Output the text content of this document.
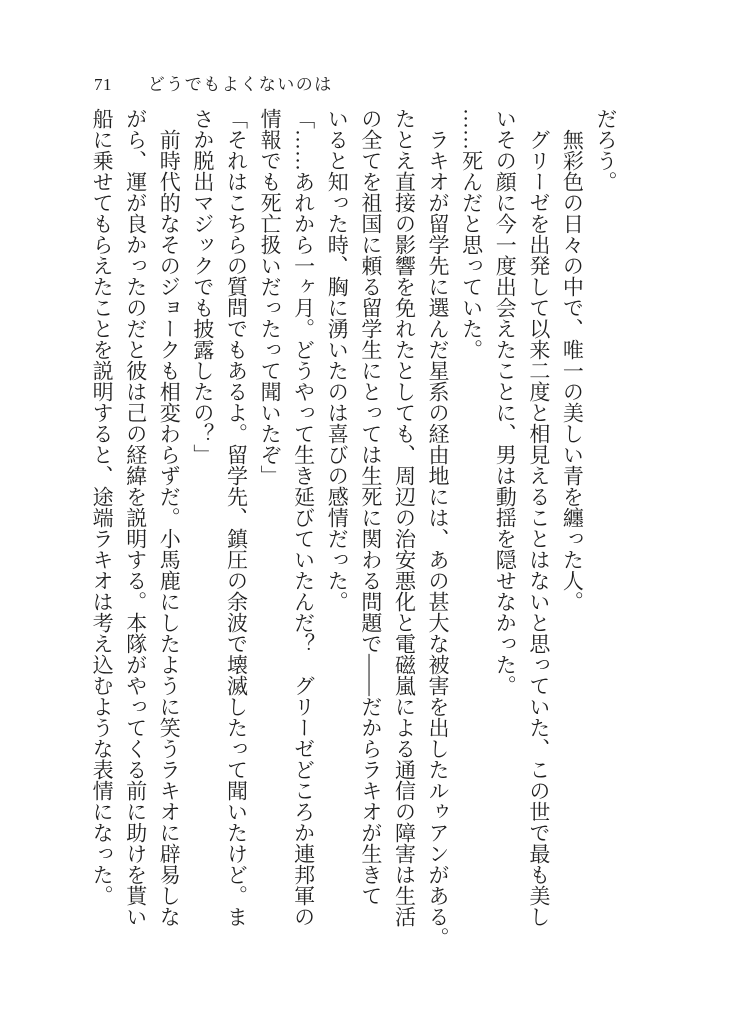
71 どうでもよくないのは
だろう。
無彩色の日々の中で、唯一の美しい青を纏った人。
グリーゼを出発して以来二度と相見えることはないと思っていた、この世で最も美し
いその顔に今一度出会えたことに、男は動揺を隠せなかった。
……死んだと思っていた。
ラキオが留学先に選んだ星系の経由地には、あの甚大な被害を出したルゥアンがある。
たとえ直接の影響を免れたとしても、周辺の治安悪化と電磁嵐による通信の障害は生活
の全てを祖国に頼る留学生にとっては生死に関わる問題で――だからラキオが生きて
いると知った時、胸に湧いたのは喜びの感情だった。
「……あれから一ヶ月。どうやって生き延びていたんだ？　グリーゼどころか連邦軍の
情報でも死亡扱いだったって聞いたぞ」
「それはこちらの質問でもあるよ。留学先、鎮圧の余波で壊滅したって聞いたけど。ま
さか脱出マジックでも披露したの？」
前時代的なそのジョークも相変わらずだ。小馬鹿にしたように笑うラキオに辟易しな
がら、運が良かったのだと彼は己の経緯を説明する。本隊がやってくる前に助けを貰い
船に乗せてもらえたことを説明すると、途端ラキオは考え込むような表情になった。
